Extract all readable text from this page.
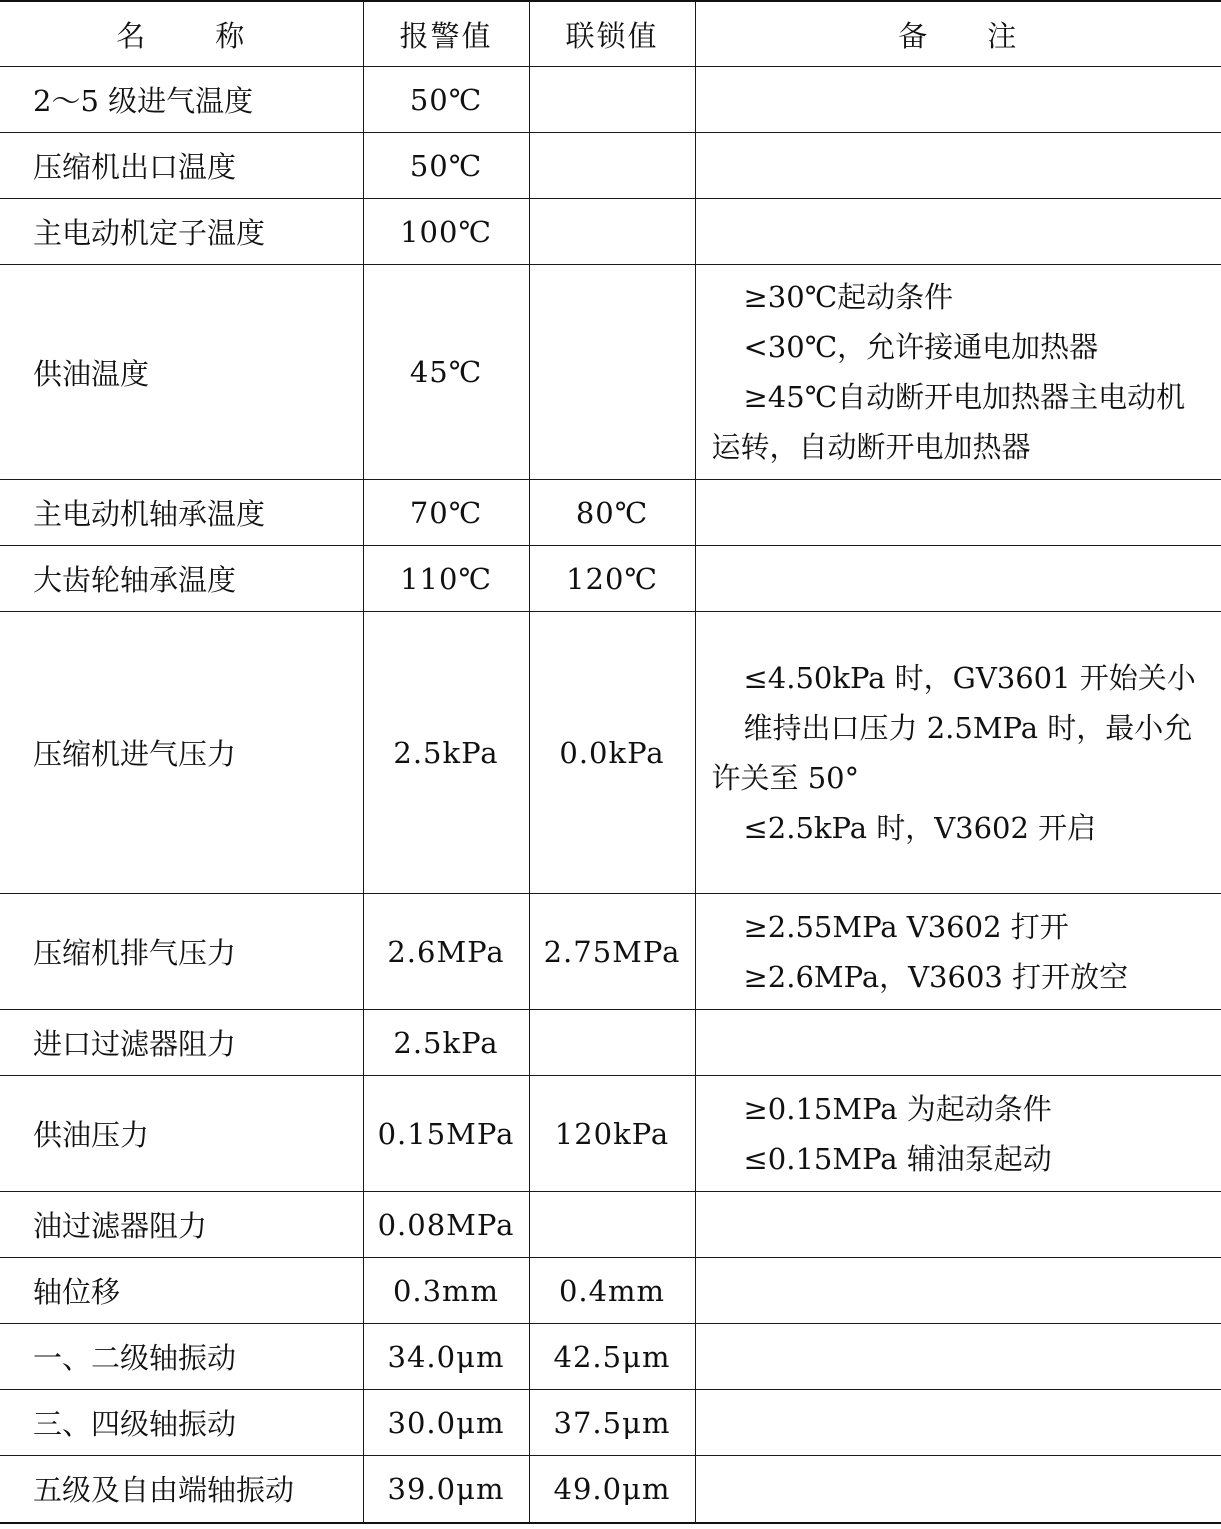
名 称	报警值	联锁值	备 注
2～5 级进气温度	50℃		
压缩机出口温度	50℃		
主电动机定子温度	100℃		
供油温度	45℃		≥30℃起动条件
<30℃，允许接通电加热器
≥45℃自动断开电加热器主电动机运转，自动断开电加热器

主电动机轴承温度	70℃	80℃	
大齿轮轴承温度	110℃	120℃	
压缩机进气压力	2.5kPa	0.0kPa	≤4.50kPa 时，GV3601 开始关小
维持出口压力 2.5MPa 时，最小允许关至 50°
≤2.5kPa 时，V3602 开启

压缩机排气压力	2.6MPa	2.75MPa	≥2.55MPa V3602 打开
≥2.6MPa，V3603 打开放空

进口过滤器阻力	2.5kPa		
供油压力	0.15MPa	120kPa	≥0.15MPa 为起动条件
≤0.15MPa 辅油泵起动

油过滤器阻力	0.08MPa		
轴位移	0.3mm	0.4mm	
一、二级轴振动	34.0μm	42.5μm	
三、四级轴振动	30.0μm	37.5μm	
五级及自由端轴振动	39.0μm	49.0μm	
